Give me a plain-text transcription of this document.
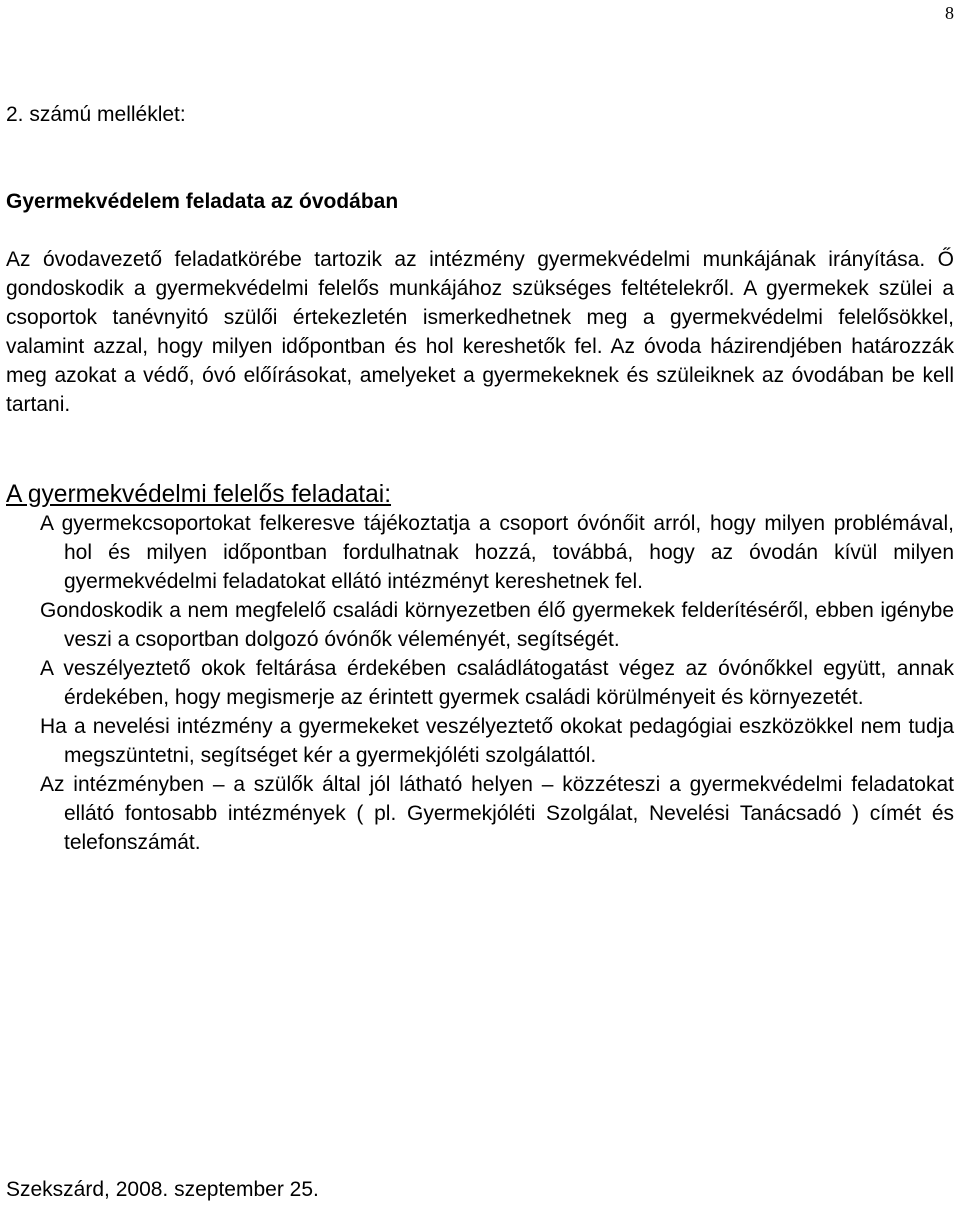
8
2. számú melléklet:
Gyermekvédelem feladata az óvodában

Az óvodavezető feladatkörébe tartozik az intézmény gyermekvédelmi munkájának irányítása. Ő gondoskodik a gyermekvédelmi felelős munkájához szükséges feltételekről. A gyermekek szülei a csoportok tanévnyitó szülői értekezletén ismerkedhetnek meg a gyermekvédelmi felelősökkel, valamint azzal, hogy milyen időpontban és hol kereshetők fel. Az óvoda házirendjében határozzák meg azokat a védő, óvó előírásokat, amelyeket a gyermekeknek és szüleiknek az óvodában be kell tartani.

A gyermekvédelmi felelős feladatai:
A gyermekcsoportokat felkeresve tájékoztatja a csoport óvónőit arról, hogy milyen problémával, hol és milyen időpontban fordulhatnak hozzá, továbbá, hogy az óvodán kívül milyen gyermekvédelmi feladatokat ellátó intézményt kereshetnek fel.
Gondoskodik a nem megfelelő családi környezetben élő gyermekek felderítéséről, ebben igénybe veszi a csoportban dolgozó óvónők véleményét, segítségét.
A veszélyeztető okok feltárása érdekében családlátogatást végez az óvónőkkel együtt, annak érdekében, hogy megismerje az érintett gyermek családi körülményeit és környezetét.
Ha a nevelési intézmény a gyermekeket veszélyeztető okokat pedagógiai eszközökkel nem tudja megszüntetni, segítséget kér a gyermekjóléti szolgálattól.
Az intézményben – a szülők által jól látható helyen – közzéteszi a gyermekvédelmi feladatokat ellátó fontosabb intézmények ( pl. Gyermekjóléti Szolgálat, Nevelési Tanácsadó ) címét és telefonszámát.

Szekszárd, 2008. szeptember 25.
